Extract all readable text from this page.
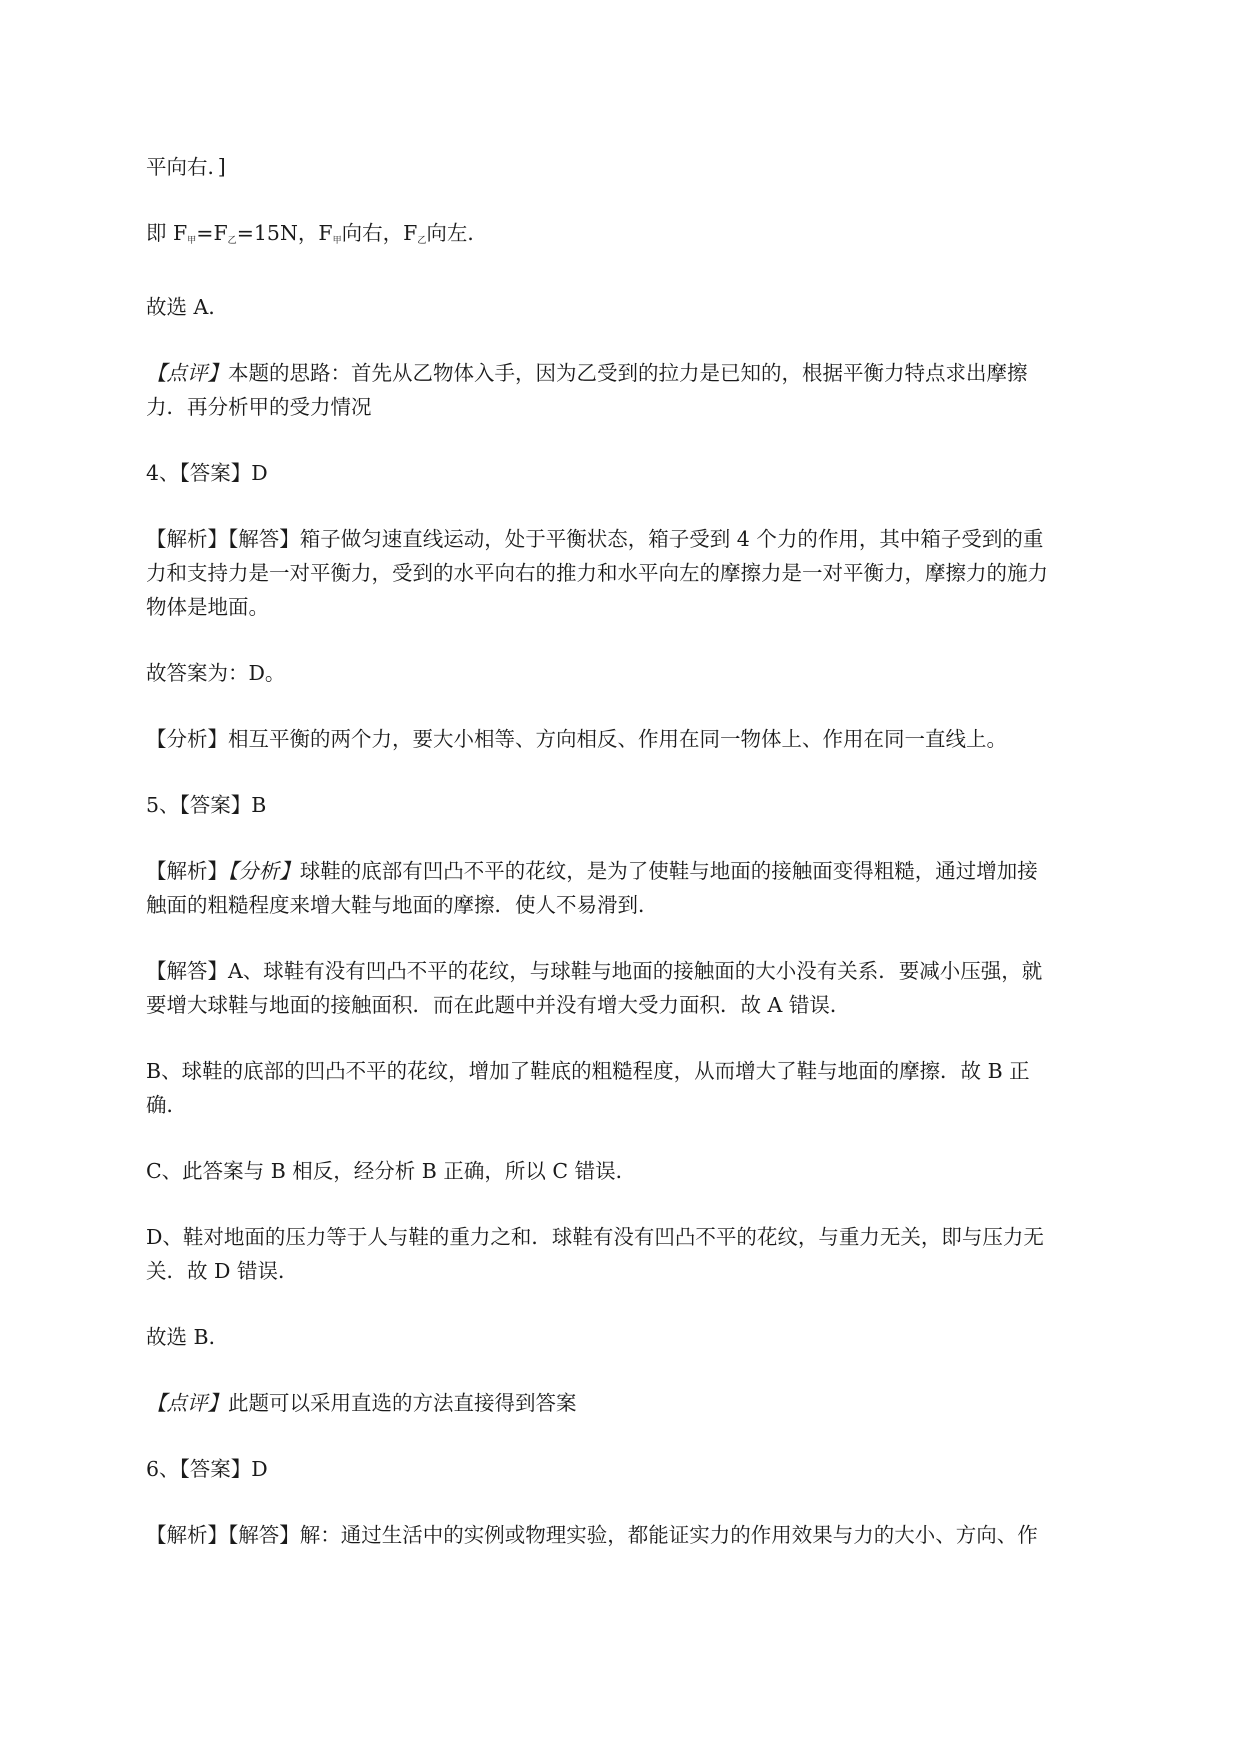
平向右．]

即 $F_甲=F_乙=15N$，$F_甲$向右，$F_乙$向左．

故选 A．

【点评】本题的思路：首先从乙物体入手，因为乙受到的拉力是已知的，根据平衡力特点求出摩擦
力．再分析甲的受力情况

4、【答案】D

【解析】【解答】箱子做匀速直线运动，处于平衡状态，箱子受到 4 个力的作用，其中箱子受到的重
力和支持力是一对平衡力，受到的水平向右的推力和水平向左的摩擦力是一对平衡力，摩擦力的施力
物体是地面。

故答案为：D。

【分析】相互平衡的两个力，要大小相等、方向相反、作用在同一物体上、作用在同一直线上。

5、【答案】B

【解析】【分析】球鞋的底部有凹凸不平的花纹，是为了使鞋与地面的接触面变得粗糙，通过增加接
触面的粗糙程度来增大鞋与地面的摩擦．使人不易滑到．

【解答】A、球鞋有没有凹凸不平的花纹，与球鞋与地面的接触面的大小没有关系．要减小压强，就
要增大球鞋与地面的接触面积．而在此题中并没有增大受力面积．故 A 错误．

B、球鞋的底部的凹凸不平的花纹，增加了鞋底的粗糙程度，从而增大了鞋与地面的摩擦．故 B 正
确．

C、此答案与 B 相反，经分析 B 正确，所以 C 错误．

D、鞋对地面的压力等于人与鞋的重力之和．球鞋有没有凹凸不平的花纹，与重力无关，即与压力无
关．故 D 错误．

故选 B．

【点评】此题可以采用直选的方法直接得到答案

6、【答案】D

【解析】【解答】解：通过生活中的实例或物理实验，都能证实力的作用效果与力的大小、方向、作
